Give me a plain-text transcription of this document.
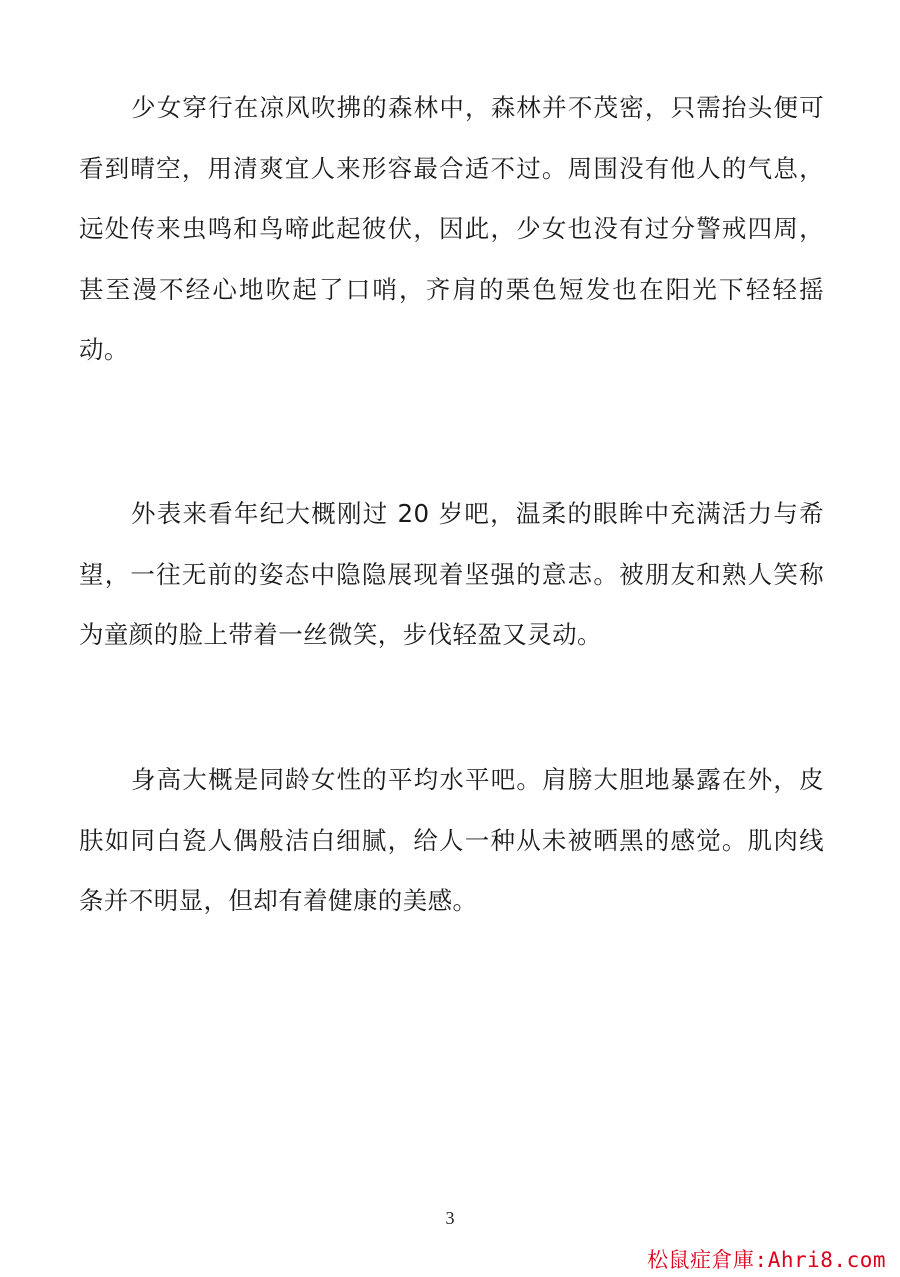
少女穿行在凉风吹拂的森林中，森林并不茂密，只需抬头便可看到晴空，用清爽宜人来形容最合适不过。周围没有他人的气息，远处传来虫鸣和鸟啼此起彼伏，因此，少女也没有过分警戒四周，甚至漫不经心地吹起了口哨，齐肩的栗色短发也在阳光下轻轻摇动。

外表来看年纪大概刚过 20 岁吧，温柔的眼眸中充满活力与希望，一往无前的姿态中隐隐展现着坚强的意志。被朋友和熟人笑称为童颜的脸上带着一丝微笑，步伐轻盈又灵动。

身高大概是同龄女性的平均水平吧。肩膀大胆地暴露在外，皮肤如同白瓷人偶般洁白细腻，给人一种从未被晒黑的感觉。肌肉线条并不明显，但却有着健康的美感。

3
松鼠症倉庫:Ahri8.com
